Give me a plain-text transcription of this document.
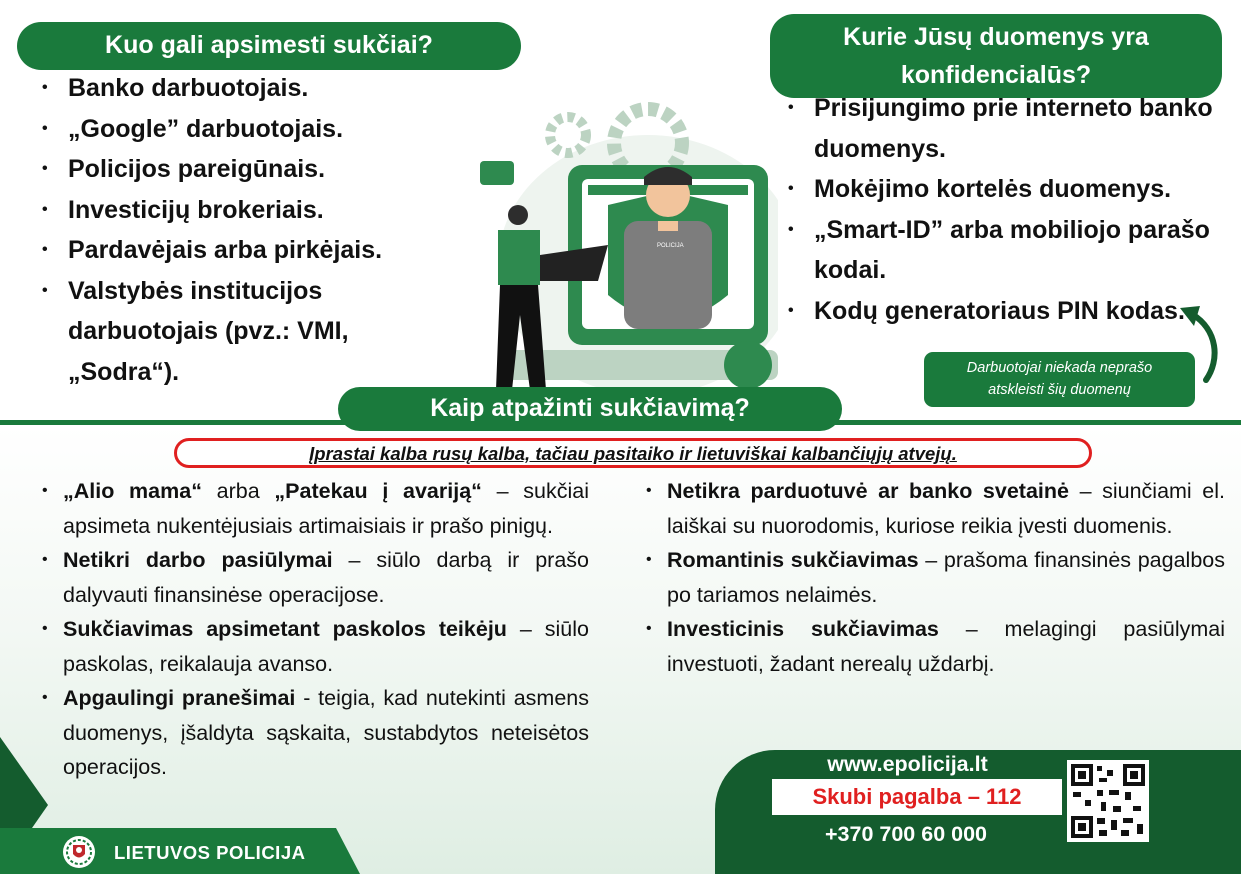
Kuo gali apsimesti sukčiai?
• Banko darbuotojais.
• „Google” darbuotojais.
• Policijos pareigūnais.
• Investicijų brokeriais.
• Pardavėjais arba pirkėjais.
• Valstybės institucijos darbuotojais (pvz.: VMI, „Sodra“).
Kurie Jūsų duomenys yra
konfidencialūs?
• Prisijungimo prie interneto banko duomenys.
• Mokėjimo kortelės duomenys.
• „Smart-ID” arba mobiliojo parašo kodai.
• Kodų generatoriaus PIN kodas.
Darbuotojai niekada neprašo
atskleisti šių duomenų
POLICIJA
Kaip atpažinti sukčiavimą?
Įprastai kalba rusų kalba, tačiau pasitaiko ir lietuviškai kalbančiųjų atvejų.
• „Alio mama“ arba „Patekau į avariją“ – sukčiai apsimeta nukentėjusiais artimaisiais ir prašo pinigų.
• Netikri darbo pasiūlymai – siūlo darbą ir prašo dalyvauti finansinėse operacijose.
• Sukčiavimas apsimetant paskolos teikėju – siūlo paskolas, reikalauja avanso.
• Apgaulingi pranešimai - teigia, kad nutekinti asmens duomenys, įšaldyta sąskaita, sustabdytos neteisėtos operacijos.
• Netikra parduotuvė ar banko svetainė – siunčiami el. laiškai su nuorodomis, kuriose reikia įvesti duomenis.
• Romantinis sukčiavimas – prašoma finansinės pagalbos po tariamos nelaimės.
• Investicinis sukčiavimas – melagingi pasiūlymai investuoti, žadant nerealų uždarbį.
LIETUVOS POLICIJA
www.epolicija.lt
Skubi pagalba – 112
+370 700 60 000
